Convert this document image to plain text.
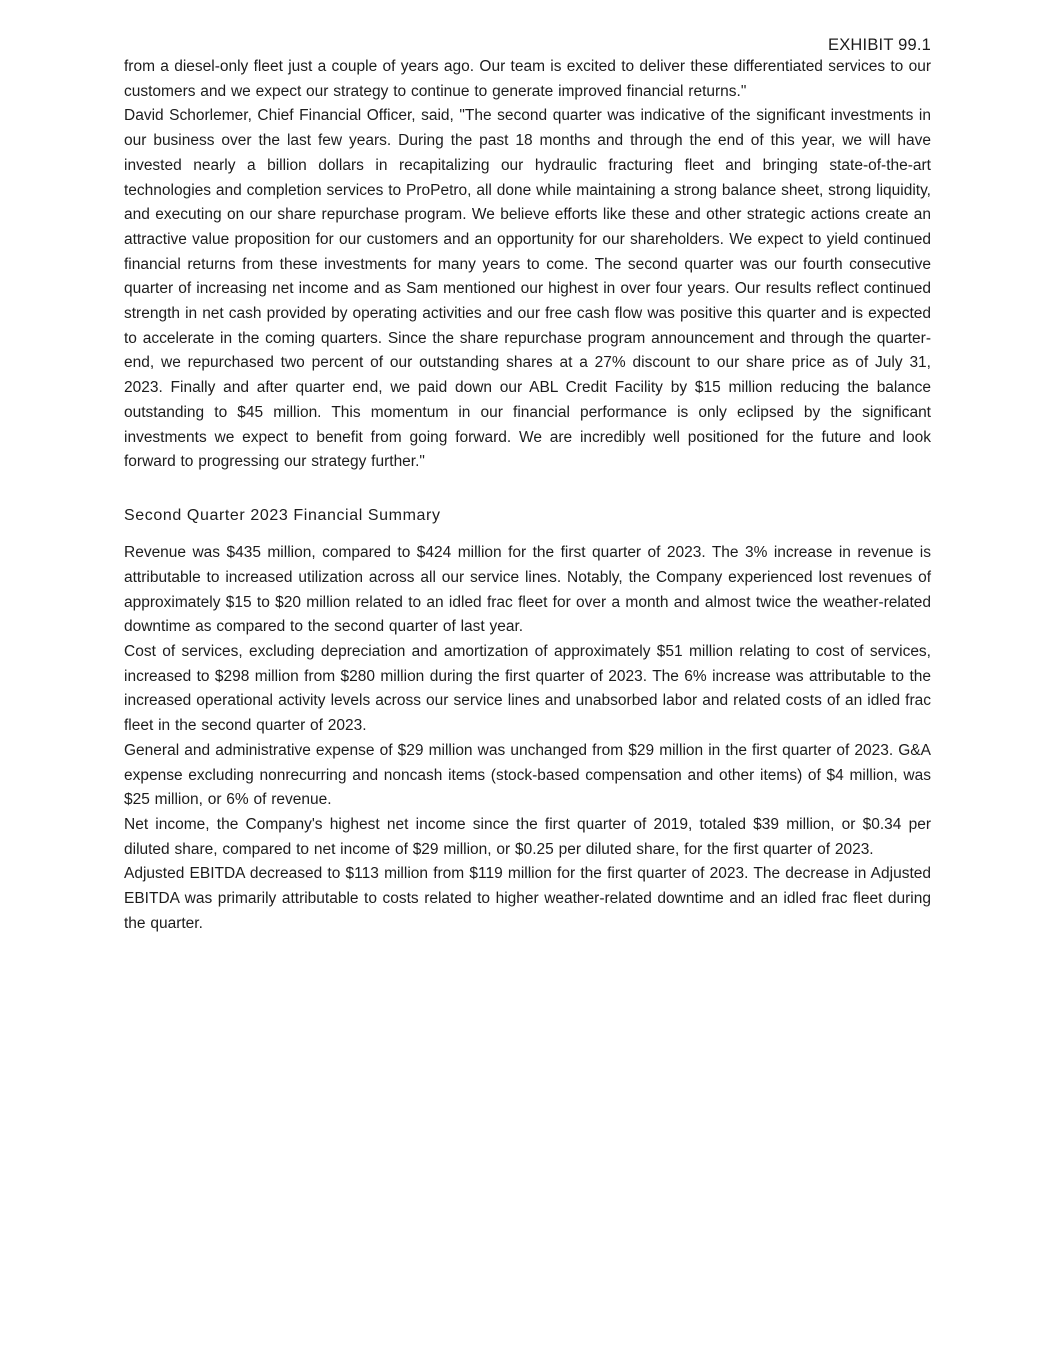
EXHIBIT 99.1

from a diesel-only fleet just a couple of years ago. Our team is excited to deliver these differentiated services to our customers and we expect our strategy to continue to generate improved financial returns."

David Schorlemer, Chief Financial Officer, said, "The second quarter was indicative of the significant investments in our business over the last few years. During the past 18 months and through the end of this year, we will have invested nearly a billion dollars in recapitalizing our hydraulic fracturing fleet and bringing state-of-the-art technologies and completion services to ProPetro, all done while maintaining a strong balance sheet, strong liquidity, and executing on our share repurchase program. We believe efforts like these and other strategic actions create an attractive value proposition for our customers and an opportunity for our shareholders. We expect to yield continued financial returns from these investments for many years to come. The second quarter was our fourth consecutive quarter of increasing net income and as Sam mentioned our highest in over four years. Our results reflect continued strength in net cash provided by operating activities and our free cash flow was positive this quarter and is expected to accelerate in the coming quarters. Since the share repurchase program announcement and through the quarter-end, we repurchased two percent of our outstanding shares at a 27% discount to our share price as of July 31, 2023. Finally and after quarter end, we paid down our ABL Credit Facility by $15 million reducing the balance outstanding to $45 million. This momentum in our financial performance is only eclipsed by the significant investments we expect to benefit from going forward. We are incredibly well positioned for the future and look forward to progressing our strategy further."

Second Quarter 2023 Financial Summary

Revenue was $435 million, compared to $424 million for the first quarter of 2023. The 3% increase in revenue is attributable to increased utilization across all our service lines. Notably, the Company experienced lost revenues of approximately $15 to $20 million related to an idled frac fleet for over a month and almost twice the weather-related downtime as compared to the second quarter of last year.

Cost of services, excluding depreciation and amortization of approximately $51 million relating to cost of services, increased to $298 million from $280 million during the first quarter of 2023. The 6% increase was attributable to the increased operational activity levels across our service lines and unabsorbed labor and related costs of an idled frac fleet in the second quarter of 2023.

General and administrative expense of $29 million was unchanged from $29 million in the first quarter of 2023. G&A expense excluding nonrecurring and noncash items (stock-based compensation and other items) of $4 million, was $25 million, or 6% of revenue.

Net income, the Company's highest net income since the first quarter of 2019, totaled $39 million, or $0.34 per diluted share, compared to net income of $29 million, or $0.25 per diluted share, for the first quarter of 2023.

Adjusted EBITDA decreased to $113 million from $119 million for the first quarter of 2023. The decrease in Adjusted EBITDA was primarily attributable to costs related to higher weather-related downtime and an idled frac fleet during the quarter.
